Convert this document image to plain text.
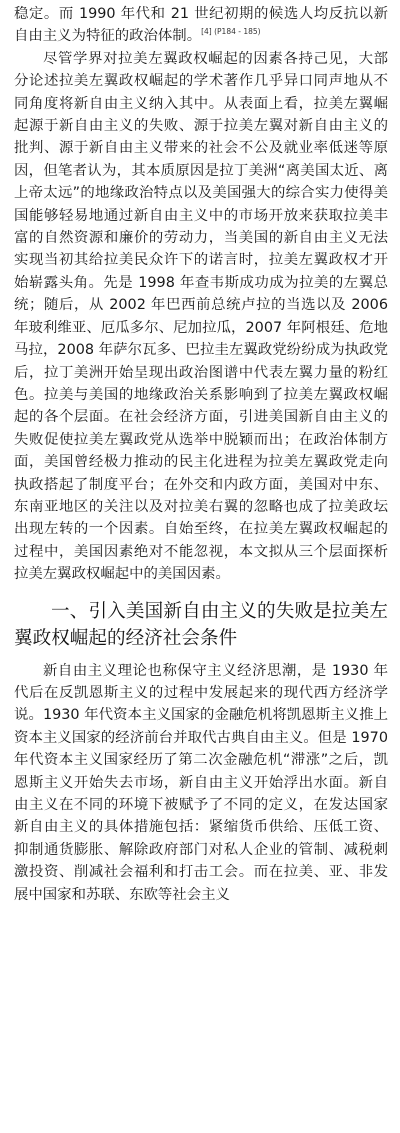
稳定。而 1990 年代和 21 世纪初期的候选人均反抗以新自由主义为特征的政治体制。$^{[4] (P184 - 185)}$

尽管学界对拉美左翼政权崛起的因素各持己见，大部分论述拉美左翼政权崛起的学术著作几乎异口同声地从不同角度将新自由主义纳入其中。从表面上看，拉美左翼崛起源于新自由主义的失败、源于拉美左翼对新自由主义的批判、源于新自由主义带来的社会不公及就业率低迷等原因，但笔者认为，其本质原因是拉丁美洲“离美国太近、离上帝太远”的地缘政治特点以及美国强大的综合实力使得美国能够轻易地通过新自由主义中的市场开放来获取拉美丰富的自然资源和廉价的劳动力，当美国的新自由主义无法实现当初其给拉美民众许下的诺言时，拉美左翼政权才开始崭露头角。先是 1998 年查韦斯成功成为拉美的左翼总统；随后，从 2002 年巴西前总统卢拉的当选以及 2006 年玻利维亚、厄瓜多尔、尼加拉瓜，2007 年阿根廷、危地马拉，2008 年萨尔瓦多、巴拉圭左翼政党纷纷成为执政党后，拉丁美洲开始呈现出政治图谱中代表左翼力量的粉红色。拉美与美国的地缘政治关系影响到了拉美左翼政权崛起的各个层面。在社会经济方面，引进美国新自由主义的失败促使拉美左翼政党从选举中脱颖而出；在政治体制方面，美国曾经极力推动的民主化进程为拉美左翼政党走向执政搭起了制度平台；在外交和内政方面，美国对中东、东南亚地区的关注以及对拉美右翼的忽略也成了拉美政坛出现左转的一个因素。自始至终，在拉美左翼政权崛起的过程中，美国因素绝对不能忽视，本文拟从三个层面探析拉美左翼政权崛起中的美国因素。

一、引入美国新自由主义的失败是拉美左翼政权崛起的经济社会条件

新自由主义理论也称保守主义经济思潮，是 1930 年代后在反凯恩斯主义的过程中发展起来的现代西方经济学说。1930 年代资本主义国家的金融危机将凯恩斯主义推上资本主义国家的经济前台并取代古典自由主义。但是 1970 年代资本主义国家经历了第二次金融危机“滞涨”之后，凯恩斯主义开始失去市场，新自由主义开始浮出水面。新自由主义在不同的环境下被赋予了不同的定义，在发达国家新自由主义的具体措施包括：紧缩货币供给、压低工资、抑制通货膨胀、解除政府部门对私人企业的管制、减税刺激投资、削减社会福利和打击工会。而在拉美、亚、非发展中国家和苏联、东欧等社会主义
